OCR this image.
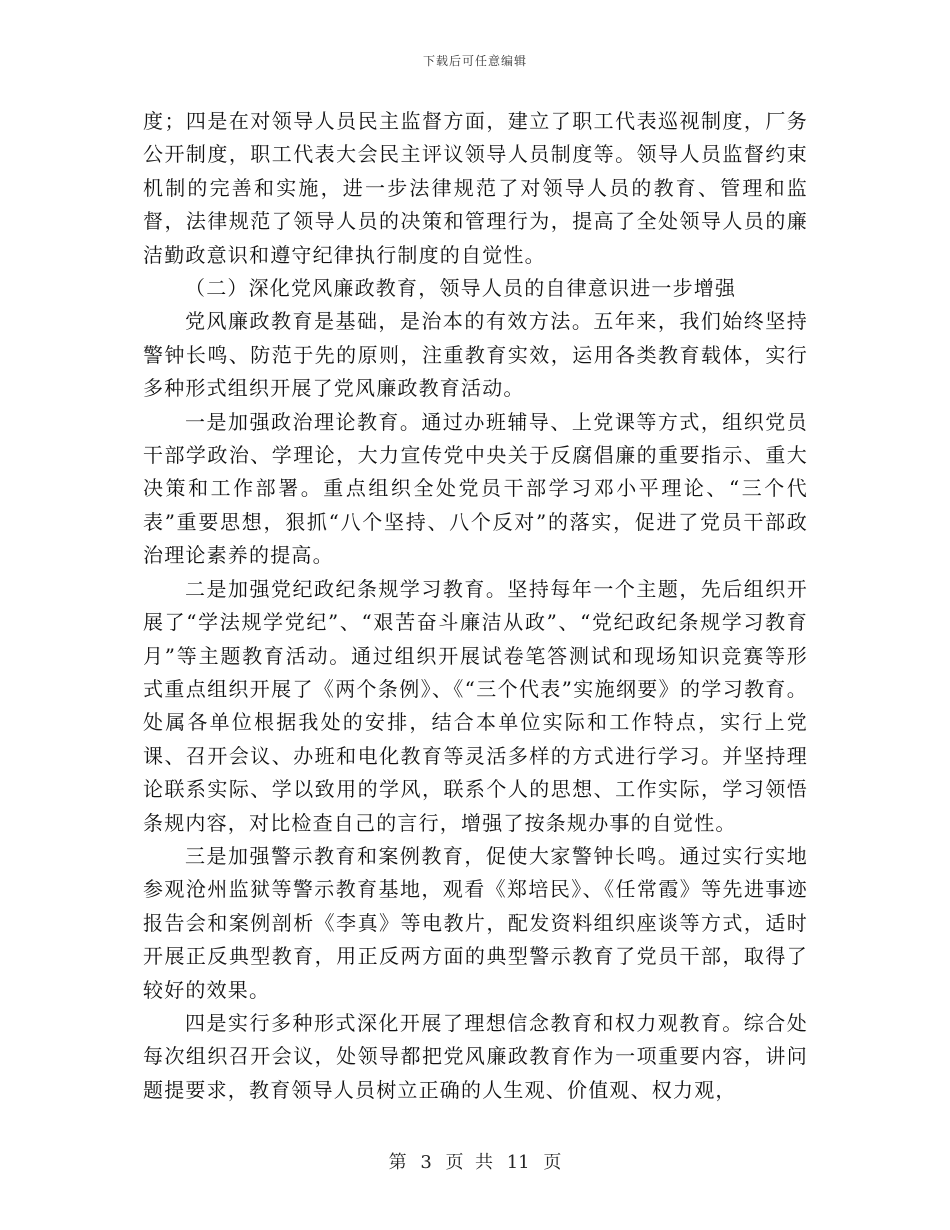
下载后可任意编辑

度；四是在对领导人员民主监督方面，建立了职工代表巡视制度，厂务公开制度，职工代表大会民主评议领导人员制度等。领导人员监督约束机制的完善和实施，进一步法律规范了对领导人员的教育、管理和监督，法律规范了领导人员的决策和管理行为，提高了全处领导人员的廉洁勤政意识和遵守纪律执行制度的自觉性。

（二）深化党风廉政教育，领导人员的自律意识进一步增强

党风廉政教育是基础，是治本的有效方法。五年来，我们始终坚持警钟长鸣、防范于先的原则，注重教育实效，运用各类教育载体，实行多种形式组织开展了党风廉政教育活动。

一是加强政治理论教育。通过办班辅导、上党课等方式，组织党员干部学政治、学理论，大力宣传党中央关于反腐倡廉的重要指示、重大决策和工作部署。重点组织全处党员干部学习邓小平理论、“三个代表”重要思想，狠抓“八个坚持、八个反对”的落实，促进了党员干部政治理论素养的提高。

二是加强党纪政纪条规学习教育。坚持每年一个主题，先后组织开展了“学法规学党纪”、“艰苦奋斗廉洁从政”、“党纪政纪条规学习教育月”等主题教育活动。通过组织开展试卷笔答测试和现场知识竞赛等形式重点组织开展了《两个条例》、《“三个代表”实施纲要》的学习教育。处属各单位根据我处的安排，结合本单位实际和工作特点，实行上党课、召开会议、办班和电化教育等灵活多样的方式进行学习。并坚持理论联系实际、学以致用的学风，联系个人的思想、工作实际，学习领悟条规内容，对比检查自己的言行，增强了按条规办事的自觉性。

三是加强警示教育和案例教育，促使大家警钟长鸣。通过实行实地参观沧州监狱等警示教育基地，观看《郑培民》、《任常霞》等先进事迹报告会和案例剖析《李真》等电教片，配发资料组织座谈等方式，适时开展正反典型教育，用正反两方面的典型警示教育了党员干部，取得了较好的效果。

四是实行多种形式深化开展了理想信念教育和权力观教育。综合处每次组织召开会议，处领导都把党风廉政教育作为一项重要内容，讲问题提要求，教育领导人员树立正确的人生观、价值观、权力观，

第 3 页  共 11 页
